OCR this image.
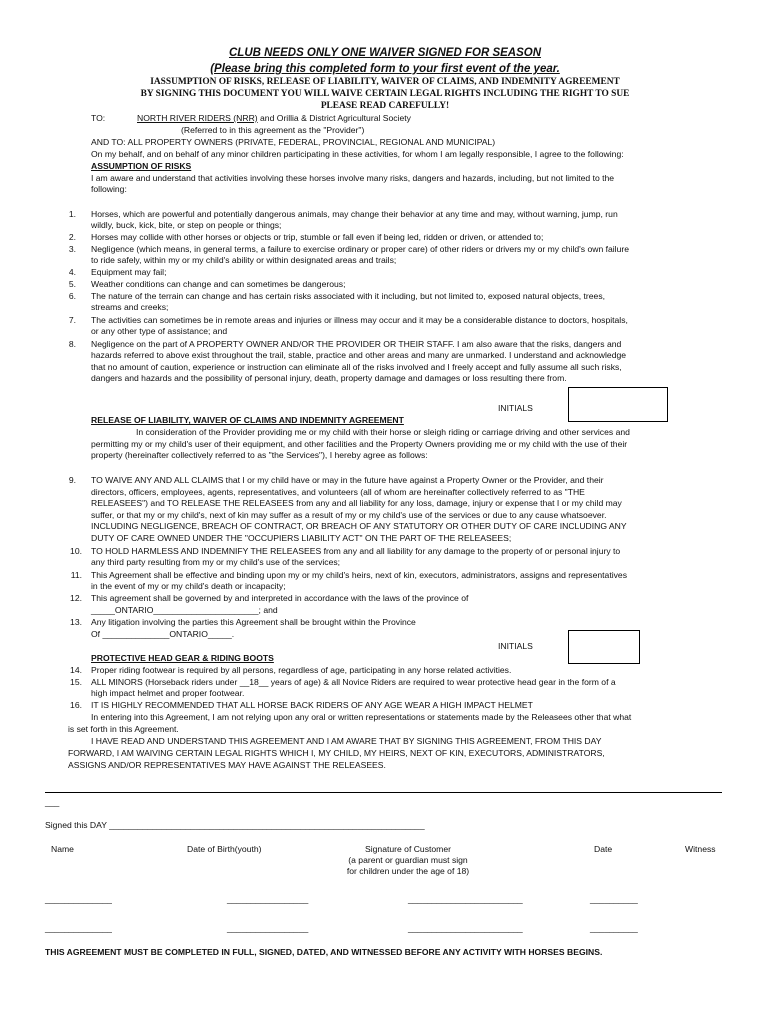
CLUB NEEDS ONLY ONE WAIVER SIGNED FOR SEASON
(Please bring this completed form to your first event of the year.
IASSUMPTION OF RISKS, RELEASE OF LIABILITY, WAIVER OF CLAIMS, AND INDEMNITY AGREEMENT
BY SIGNING THIS DOCUMENT YOU WILL WAIVE CERTAIN LEGAL RIGHTS INCLUDING THE RIGHT TO SUE
PLEASE READ CAREFULLY!
TO:	NORTH RIVER RIDERS (NRR) and Orillia & District Agricultural Society
(Referred to in this agreement as the "Provider")
AND TO: ALL PROPERTY OWNERS (PRIVATE, FEDERAL, PROVINCIAL, REGIONAL AND MUNICIPAL)
On my behalf, and on behalf of any minor children participating in these activities, for whom I am legally responsible, I agree to the following:
ASSUMPTION OF RISKS
I am aware and understand that activities involving these horses involve many risks, dangers and hazards, including, but not limited to the
following:
1. Horses, which are powerful and potentially dangerous animals, may change their behavior at any time and may, without warning, jump, run
wildly, buck, kick, bite, or step on people or things;
2. Horses may collide with other horses or objects or trip, stumble or fall even if being led, ridden or driven, or attended to;
3. Negligence (which means, in general terms, a failure to exercise ordinary or proper care) of other riders or drivers my or my child's own failure
to ride safely, within my or my child's ability or within designated areas and trails;
4. Equipment may fail;
5. Weather conditions can change and can sometimes be dangerous;
6. The nature of the terrain can change and has certain risks associated with it including, but not limited to, exposed natural objects, trees,
streams and creeks;
7. The activities can sometimes be in remote areas and injuries or illness may occur and it may be a considerable distance to doctors, hospitals,
or any other type of assistance; and
8. Negligence on the part of A PROPERTY OWNER AND/OR THE PROVIDER OR THEIR STAFF. I am also aware that the risks, dangers and
hazards referred to above exist throughout the trail, stable, practice and other areas and many are unmarked. I understand and acknowledge
that no amount of caution, experience or instruction can eliminate all of the risks involved and I freely accept and fully assume all such risks,
dangers and hazards and the possibility of personal injury, death, property damage and damages or loss resulting there from.
INITIALS
RELEASE OF LIABILITY, WAIVER OF CLAIMS AND INDEMNITY AGREEMENT
In consideration of the Provider providing me or my child with their horse or sleigh riding or carriage driving and other services and
permitting my or my child's user of their equipment, and other facilities and the Property Owners providing me or my child with the use of their
property (hereinafter collectively referred to as "the Services"), I hereby agree as follows:
9. TO WAIVE ANY AND ALL CLAIMS that I or my child have or may in the future have against a Property Owner or the Provider, and their
directors, officers, employees, agents, representatives, and volunteers (all of whom are hereinafter collectively referred to as "THE
RELEASEES") and TO RELEASE THE RELEASEES from any and all liability for any loss, damage, injury or expense that I or my child may
suffer, or that my or my child's, next of kin may suffer as a result of my or my child's use of the services or due to any cause whatsoever.
INCLUDING NEGLIGENCE, BREACH OF CONTRACT, OR BREACH OF ANY STATUTORY OR OTHER DUTY OF CARE INCLUDING ANY
DUTY OF CARE OWNED UNDER THE "OCCUPIERS LIABILITY ACT" ON THE PART OF THE RELEASEES;
10. TO HOLD HARMLESS AND INDEMNIFY THE RELEASEES from any and all liability for any damage to the property of or personal injury to
any third party resulting from my or my child's use of the services;
11. This Agreement shall be effective and binding upon my or my child's heirs, next of kin, executors, administrators, assigns and representatives
in the event of my or my child's death or incapacity;
12. This agreement shall be governed by and interpreted in accordance with the laws of the province of
_____ONTARIO______________________; and
13. Any litigation involving the parties this Agreement shall be brought within the Province
Of ______________ONTARIO_____.
INITIALS
PROTECTIVE HEAD GEAR & RIDING BOOTS
14. Proper riding footwear is required by all persons, regardless of age, participating in any horse related activities.
15. ALL MINORS (Horseback riders under __18__ years of age) & all Novice Riders are required to wear protective head gear in the form of a
high impact helmet and proper footwear.
16. IT IS HIGHLY RECOMMENDED THAT ALL HORSE BACK RIDERS OF ANY AGE WEAR A HIGH IMPACT HELMET
In entering into this Agreement, I am not relying upon any oral or written representations or statements made by the Releasees other that what
is set forth in this Agreement.
I HAVE READ AND UNDERSTAND THIS AGREEMENT AND I AM AWARE THAT BY SIGNING THIS AGREEMENT, FROM THIS DAY
FORWARD, I AM WAIVING CERTAIN LEGAL RIGHTS WHICH I, MY CHILD, MY HEIRS, NEXT OF KIN, EXECUTORS, ADMINISTRATORS,
ASSIGNS AND/OR REPRESENTATIVES MAY HAVE AGAINST THE RELEASEES.
___
Signed this DAY __________________________________________________________________
Name	Date of Birth(youth)	Signature of Customer
(a parent or guardian must sign
for children under the age of 18)
Date	Witness
______________	_________________	________________________	__________
______________	_________________	________________________	__________
THIS AGREEMENT MUST BE COMPLETED IN FULL, SIGNED, DATED, AND WITNESSED BEFORE ANY ACTIVITY WITH HORSES BEGINS.
